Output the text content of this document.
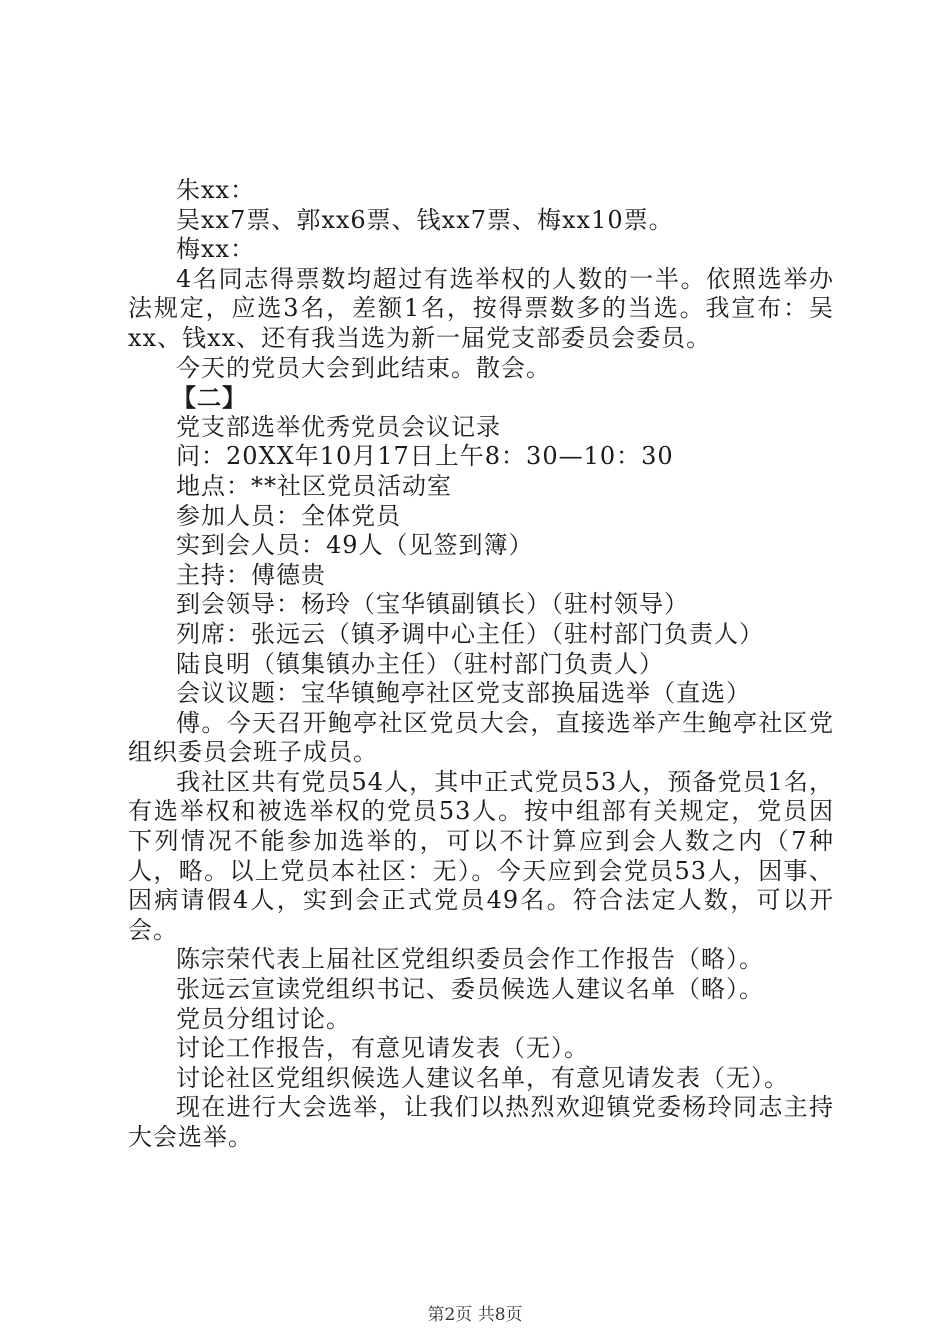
朱xx：

吴xx7票、郭xx6票、钱xx7票、梅xx10票。

梅xx：

4名同志得票数均超过有选举权的人数的一半。依照选举办法规定，应选3名，差额1名，按得票数多的当选。我宣布：吴xx、钱xx、还有我当选为新一届党支部委员会委员。

今天的党员大会到此结束。散会。

【二】

党支部选举优秀党员会议记录

问：20XX年10月17日上午8：30—10：30

地点：**社区党员活动室

参加人员：全体党员

实到会人员：49人（见签到簿）

主持：傅德贵

到会领导：杨玲（宝华镇副镇长）（驻村领导）

列席：张远云（镇矛调中心主任）（驻村部门负责人）

陆良明（镇集镇办主任）（驻村部门负责人）

会议议题：宝华镇鲍亭社区党支部换届选举（直选）

傅。今天召开鲍亭社区党员大会，直接选举产生鲍亭社区党组织委员会班子成员。

我社区共有党员54人，其中正式党员53人，预备党员1名，有选举权和被选举权的党员53人。按中组部有关规定，党员因下列情况不能参加选举的，可以不计算应到会人数之内（7种人，略。以上党员本社区：无）。今天应到会党员53人，因事、因病请假4人，实到会正式党员49名。符合法定人数，可以开会。

陈宗荣代表上届社区党组织委员会作工作报告（略）。

张远云宣读党组织书记、委员候选人建议名单（略）。

党员分组讨论。

讨论工作报告，有意见请发表（无）。

讨论社区党组织候选人建议名单，有意见请发表（无）。

现在进行大会选举，让我们以热烈欢迎镇党委杨玲同志主持大会选举。

第2页 共8页
